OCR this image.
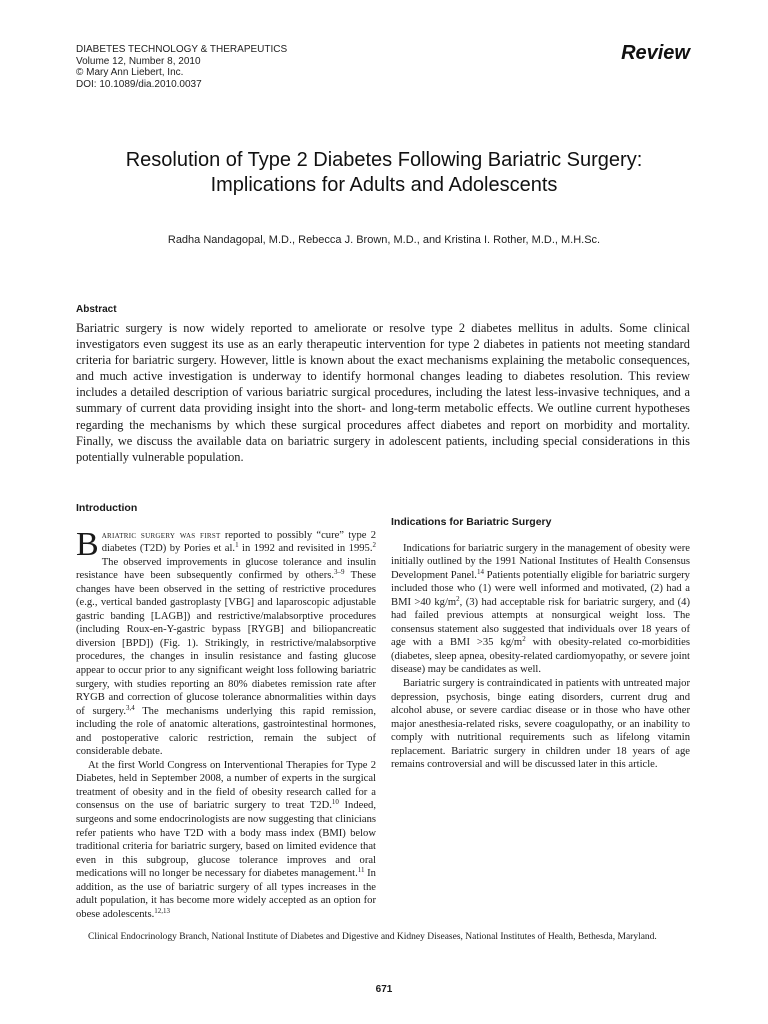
DIABETES TECHNOLOGY & THERAPEUTICS
Volume 12, Number 8, 2010
© Mary Ann Liebert, Inc.
DOI: 10.1089/dia.2010.0037
Review
Resolution of Type 2 Diabetes Following Bariatric Surgery:
Implications for Adults and Adolescents
Radha Nandagopal, M.D., Rebecca J. Brown, M.D., and Kristina I. Rother, M.D., M.H.Sc.
Abstract
Bariatric surgery is now widely reported to ameliorate or resolve type 2 diabetes mellitus in adults. Some clinical investigators even suggest its use as an early therapeutic intervention for type 2 diabetes in patients not meeting standard criteria for bariatric surgery. However, little is known about the exact mechanisms explaining the metabolic consequences, and much active investigation is underway to identify hormonal changes leading to diabetes resolution. This review includes a detailed description of various bariatric surgical procedures, including the latest less-invasive techniques, and a summary of current data providing insight into the short- and long-term metabolic effects. We outline current hypotheses regarding the mechanisms by which these surgical procedures affect diabetes and report on morbidity and mortality. Finally, we discuss the available data on bariatric surgery in adolescent patients, including special considerations in this potentially vulnerable population.
Introduction

Bariatric surgery was first reported to possibly “cure” type 2 diabetes (T2D) by Pories et al.$^1$ in 1992 and revisited in 1995.$^2$ The observed improvements in glucose tolerance and insulin resistance have been subsequently confirmed by others.$^{3-9}$ These changes have been observed in the setting of restrictive procedures (e.g., vertical banded gastroplasty [VBG] and laparoscopic adjustable gastric banding [LAGB]) and restrictive/malabsorptive procedures (including Roux-en-Y-gastric bypass [RYGB] and biliopancreatic diversion [BPD]) (Fig. 1). Strikingly, in restrictive/malabsorptive procedures, the changes in insulin resistance and fasting glucose appear to occur prior to any significant weight loss following bariatric surgery, with studies reporting an 80% diabetes remission rate after RYGB and correction of glucose tolerance abnormalities within days of surgery.$^{3,4}$ The mechanisms underlying this rapid remission, including the role of anatomic alterations, gastrointestinal hormones, and postoperative caloric restriction, remain the subject of considerable debate.

At the first World Congress on Interventional Therapies for Type 2 Diabetes, held in September 2008, a number of experts in the surgical treatment of obesity and in the field of obesity research called for a consensus on the use of bariatric surgery to treat T2D.$^{10}$ Indeed, surgeons and some endocrinologists are now suggesting that clinicians refer patients who have T2D with a body mass index (BMI) below traditional criteria for bariatric surgery, based on limited evidence that even in this subgroup, glucose tolerance improves and oral medications will no longer be necessary for diabetes management.$^{11}$ In addition, as the use of bariatric surgery of all types increases in the adult population, it has become more widely accepted as an option for obese adolescents.$^{12,13}$

Indications for Bariatric Surgery

Indications for bariatric surgery in the management of obesity were initially outlined by the 1991 National Institutes of Health Consensus Development Panel.$^{14}$ Patients potentially eligible for bariatric surgery included those who (1) were well informed and motivated, (2) had a BMI >40 $kg/m^2$, (3) had acceptable risk for bariatric surgery, and (4) had failed previous attempts at nonsurgical weight loss. The consensus statement also suggested that individuals over 18 years of age with a BMI >35 $kg/m^2$ with obesity-related co-morbidities (diabetes, sleep apnea, obesity-related cardiomyopathy, or severe joint disease) may be candidates as well.

Bariatric surgery is contraindicated in patients with untreated major depression, psychosis, binge eating disorders, current drug and alcohol abuse, or severe cardiac disease or in those who have other major anesthesia-related risks, severe coagulopathy, or an inability to comply with nutritional requirements such as lifelong vitamin replacement. Bariatric surgery in children under 18 years of age remains controversial and will be discussed later in this article.

Clinical Endocrinology Branch, National Institute of Diabetes and Digestive and Kidney Diseases, National Institutes of Health, Bethesda, Maryland.
671
